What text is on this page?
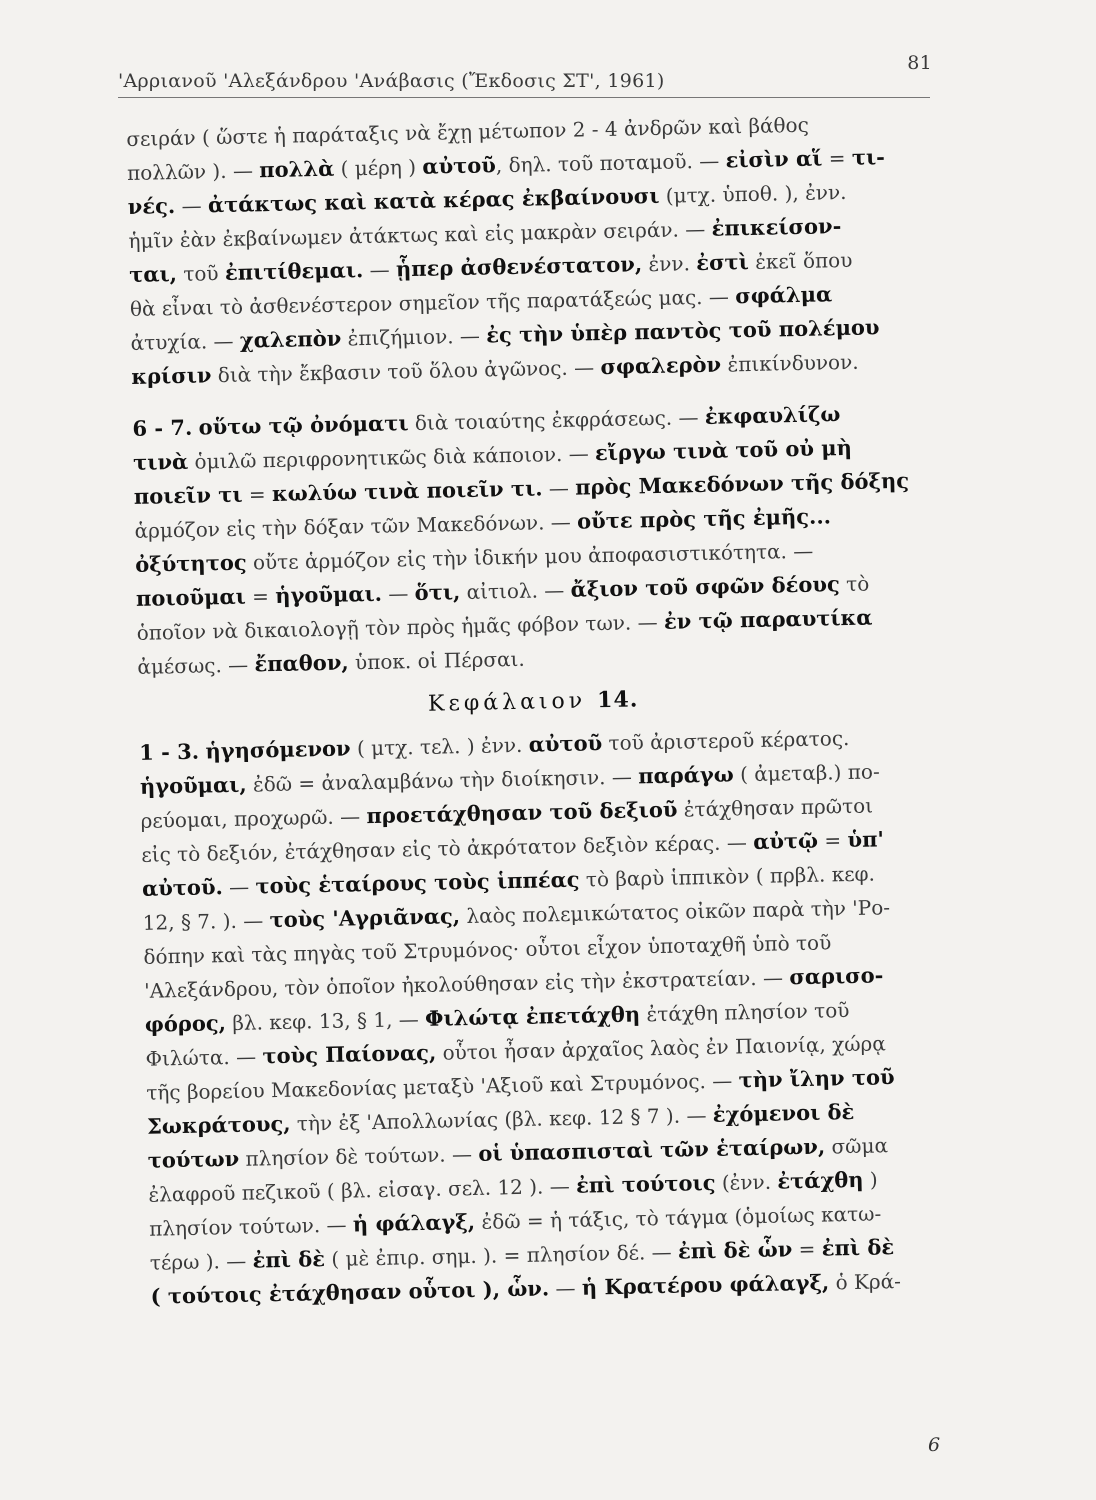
'Αρριανοῦ 'Αλεξάνδρου 'Ανάβασις (Ἔκδοσις ΣΤ', 1961)
81
σειράν ( ὥστε ἡ παράταξις νὰ ἔχῃ μέτωπον 2 - 4 ἀνδρῶν καὶ βάθος
πολλῶν ). — πολλὰ ( μέρη ) αὐτοῦ, δηλ. τοῦ ποταμοῦ. — εἰσὶν αἵ = τι-
νές. — ἀτάκτως καὶ κατὰ κέρας ἐκβαίνουσι (μτχ. ὑποθ. ), ἐνν.
ἡμῖν ἐὰν ἐκβαίνωμεν ἀτάκτως καὶ εἰς μακρὰν σειράν. — ἐπικείσον-
ται, τοῦ ἐπιτίθεμαι. — ᾗπερ ἀσθενέστατον, ἐνν. ἐστὶ ἐκεῖ ὅπου
θὰ εἶναι τὸ ἀσθενέστερον σημεῖον τῆς παρατάξεώς μας. — σφάλμα
ἀτυχία. — χαλεπὸν ἐπιζήμιον. — ἐς τὴν ὑπὲρ παντὸς τοῦ πολέμου
κρίσιν διὰ τὴν ἔκβασιν τοῦ ὅλου ἀγῶνος. — σφαλερὸν ἐπικίνδυνον.
6 - 7. οὕτω τῷ ὀνόματι διὰ τοιαύτης ἐκφράσεως. — ἐκφαυλίζω
τινὰ ὁμιλῶ περιφρονητικῶς διὰ κάποιον. — εἴργω τινὰ τοῦ οὐ μὴ
ποιεῖν τι = κωλύω τινὰ ποιεῖν τι. — πρὸς Μακεδόνων τῆς δόξης
ἁρμόζον εἰς τὴν δόξαν τῶν Μακεδόνων. — οὔτε πρὸς τῆς ἐμῆς...
ὀξύτητος οὔτε ἁρμόζον εἰς τὴν ἰδικήν μου ἀποφασιστικότητα. —
ποιοῦμαι = ἡγοῦμαι. — ὅτι, αἰτιολ. — ἄξιον τοῦ σφῶν δέους τὸ
ὁποῖον νὰ δικαιολογῇ τὸν πρὸς ἡμᾶς φόβον των. — ἐν τῷ παραυτίκα
ἀμέσως. — ἔπαθον, ὑποκ. οἱ Πέρσαι.
Κεφάλαιον 14.
1 - 3. ἡγησόμενον ( μτχ. τελ. ) ἐνν. αὐτοῦ τοῦ ἀριστεροῦ κέρατος.
ἡγοῦμαι, ἐδῶ = ἀναλαμβάνω τὴν διοίκησιν. — παράγω ( ἀμεταβ.) πο-
ρεύομαι, προχωρῶ. — προετάχθησαν τοῦ δεξιοῦ ἐτάχθησαν πρῶτοι
εἰς τὸ δεξιόν, ἐτάχθησαν εἰς τὸ ἀκρότατον δεξιὸν κέρας. — αὐτῷ = ὑπ'
αὐτοῦ. — τοὺς ἑταίρους τοὺς ἱππέας τὸ βαρὺ ἱππικὸν ( πρβλ. κεφ.
12, § 7. ). — τοὺς 'Αγριᾶνας, λαὸς πολεμικώτατος οἰκῶν παρὰ τὴν 'Ρο-
δόπην καὶ τὰς πηγὰς τοῦ Στρυμόνος· οὗτοι εἶχον ὑποταχθῆ ὑπὸ τοῦ
'Αλεξάνδρου, τὸν ὁποῖον ἠκολούθησαν εἰς τὴν ἐκστρατείαν. — σαρισο-
φόρος, βλ. κεφ. 13, § 1, — Φιλώτᾳ ἐπετάχθη ἐτάχθη πλησίον τοῦ
Φιλώτα. — τοὺς Παίονας, οὗτοι ἦσαν ἀρχαῖος λαὸς ἐν Παιονίᾳ, χώρᾳ
τῆς βορείου Μακεδονίας μεταξὺ 'Αξιοῦ καὶ Στρυμόνος. — τὴν ἴλην τοῦ
Σωκράτους, τὴν ἐξ 'Απολλωνίας (βλ. κεφ. 12 § 7 ). — ἐχόμενοι δὲ
τούτων πλησίον δὲ τούτων. — οἱ ὑπασπισταὶ τῶν ἑταίρων, σῶμα
ἐλαφροῦ πεζικοῦ ( βλ. εἰσαγ. σελ. 12 ). — ἐπὶ τούτοις (ἐνν. ἐτάχθη )
πλησίον τούτων. — ἡ φάλαγξ, ἐδῶ = ἡ τάξις, τὸ τάγμα (ὁμοίως κατω-
τέρω ). — ἐπὶ δὲ ( μὲ ἐπιρ. σημ. ). = πλησίον δέ. — ἐπὶ δὲ ὧν = ἐπὶ δὲ
( τούτοις ἐτάχθησαν οὗτοι ), ὧν. — ἡ Κρατέρου φάλαγξ, ὁ Κρά-
6
